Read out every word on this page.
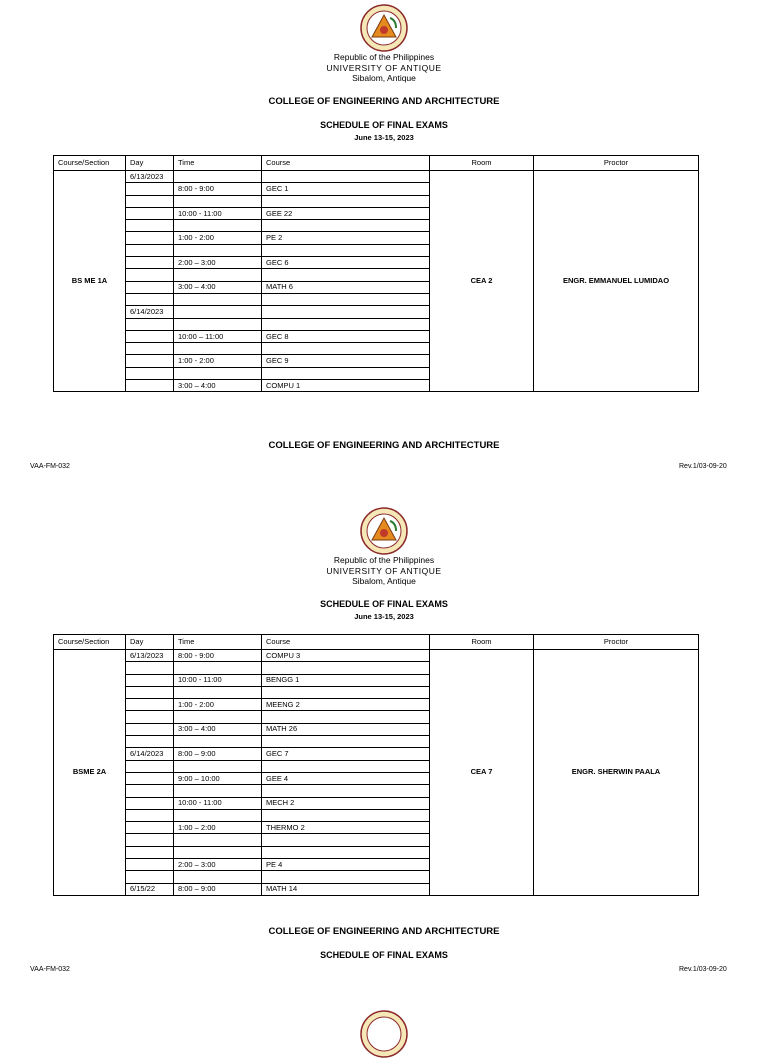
Republic of the Philippines
UNIVERSITY OF ANTIQUE
Sibalom, Antique
COLLEGE OF ENGINEERING AND ARCHITECTURE
SCHEDULE OF FINAL EXAMS
June 13-15, 2023
Course/Section	Day	Time	Course	Room	Proctor
BS ME 1A	6/13/2023			CEA 2	ENGR. EMMANUEL LUMIDAO
		8:00 - 9:00	GEC 1		

		10:00 - 11:00	GEE 22		

		1:00 - 2:00	PE 2		

		2:00 – 3:00	GEC 6		

		3:00 – 4:00	MATH 6		

	6/14/2023				

		10:00 – 11:00	GEC 8		

		1:00 - 2:00	GEC 9		

		3:00 – 4:00	COMPU 1		
COLLEGE OF ENGINEERING AND ARCHITECTURE
VAA-FM-032	Rev.1/03-09-20
Republic of the Philippines
UNIVERSITY OF ANTIQUE
Sibalom, Antique
SCHEDULE OF FINAL EXAMS
June 13-15, 2023
Course/Section	Day	Time	Course	Room	Proctor
BSME 2A	6/13/2023	8:00 - 9:00	COMPU 3	CEA 7	ENGR. SHERWIN PAALA

		10:00 - 11:00	BENGG 1		

		1:00 - 2:00	MEENG 2		

		3:00 – 4:00	MATH 26		

	6/14/2023	8:00 – 9:00	GEC 7		

		9:00 – 10:00	GEE 4		

		10:00 - 11:00	MECH 2		

		1:00 – 2:00	THERMO 2		

		2:00 – 3:00	PE 4		

	6/15/22	8:00 – 9:00	MATH 14		
COLLEGE OF ENGINEERING AND ARCHITECTURE
SCHEDULE OF FINAL EXAMS
VAA-FM-032	Rev.1/03-09-20
